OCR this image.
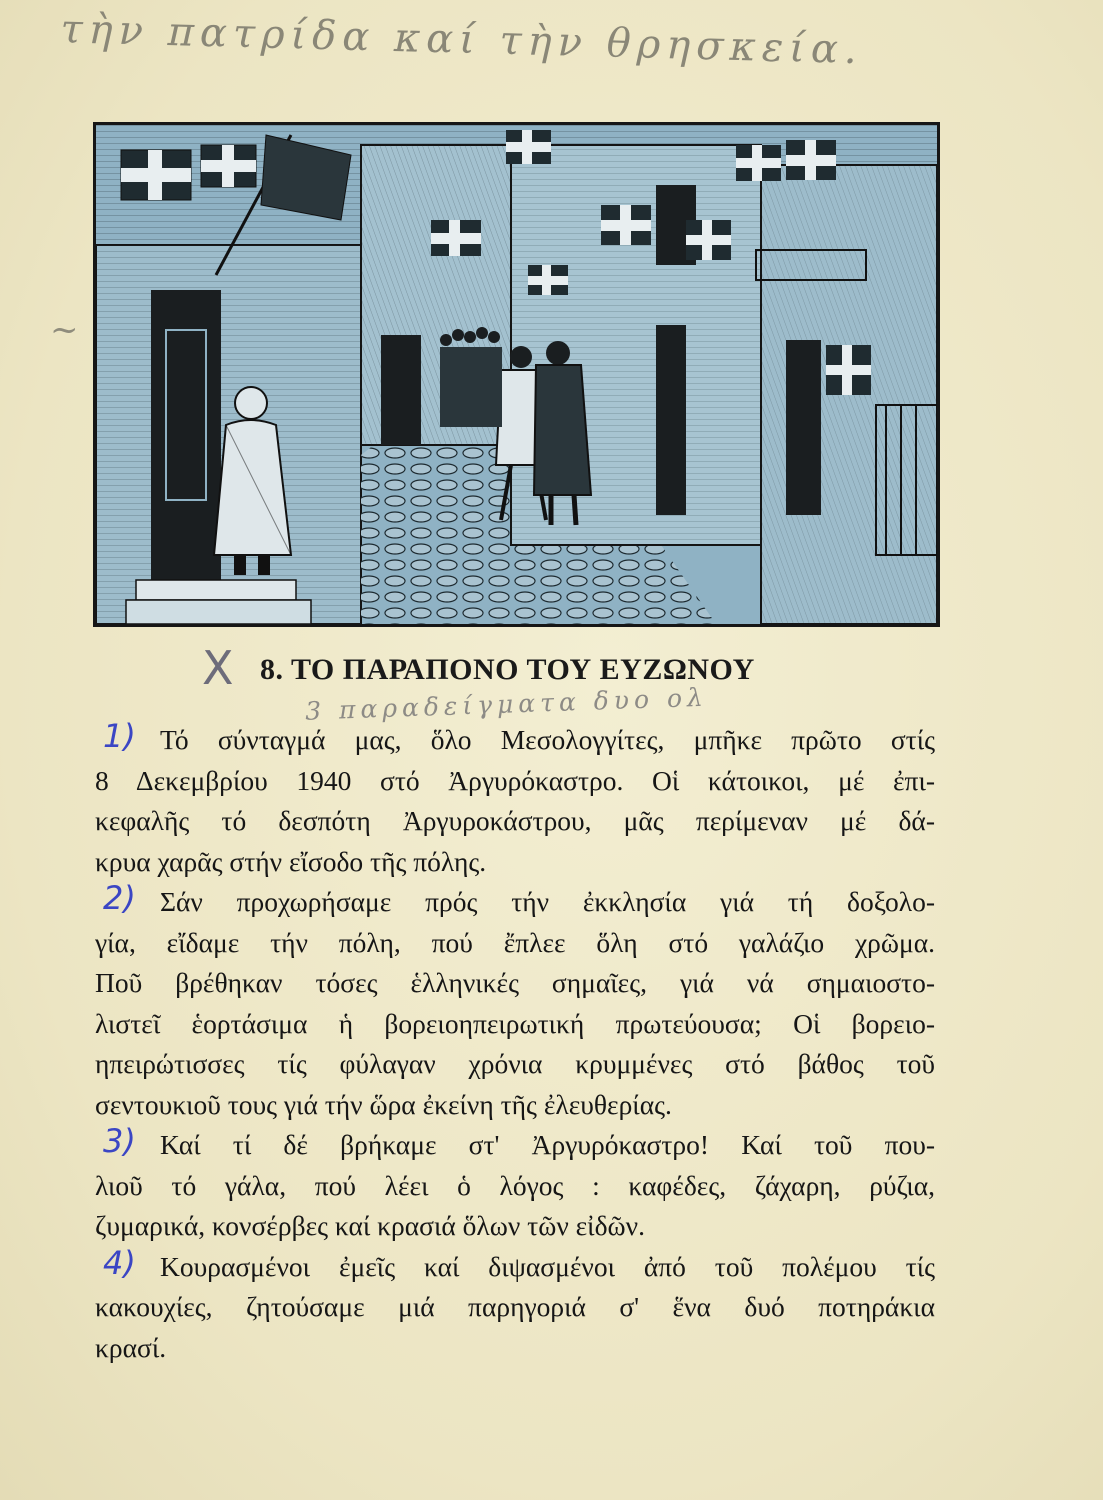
τὴν πατρίδα καί τὴν θρησκεία.
~
X 8. ΤΟ ΠΑΡΑΠΟΝΟ ΤΟΥ ΕΥΖΩΝΟΥ
3 παραδείγματα δυο ολ
1) Τό σύνταγμά μας, ὅλο Μεσολογγίτες, μπῆκε πρῶτο στίς
8 Δεκεμβρίου 1940 στό Ἀργυρόκαστρο. Οἱ κάτοικοι, μέ ἐπι-
κεφαλῆς τό δεσπότη Ἀργυροκάστρου, μᾶς περίμεναν μέ δά-
κρυα χαρᾶς στήν εἴσοδο τῆς πόλης.
2) Σάν προχωρήσαμε πρός τήν ἐκκλησία γιά τή δοξολο-
γία, εἴδαμε τήν πόλη, πού ἔπλεε ὅλη στό γαλάζιο χρῶμα.
Ποῦ βρέθηκαν τόσες ἑλληνικές σημαῖες, γιά νά σημαιοστο-
λιστεῖ ἑορτάσιμα ἡ βορειοηπειρωτική πρωτεύουσα; Οἱ βορειο-
ηπειρώτισσες τίς φύλαγαν χρόνια κρυμμένες στό βάθος τοῦ
σεντουκιοῦ τους γιά τήν ὥρα ἐκείνη τῆς ἐλευθερίας.
3) Καί τί δέ βρήκαμε στ' Ἀργυρόκαστρο! Καί τοῦ που-
λιοῦ τό γάλα, πού λέει ὁ λόγος : καφέδες, ζάχαρη, ρύζια,
ζυμαρικά, κονσέρβες καί κρασιά ὅλων τῶν εἰδῶν.
4) Κουρασμένοι ἐμεῖς καί διψασμένοι ἀπό τοῦ πολέμου τίς
κακουχίες, ζητούσαμε μιά παρηγοριά σ' ἕνα δυό ποτηράκια
κρασί.
